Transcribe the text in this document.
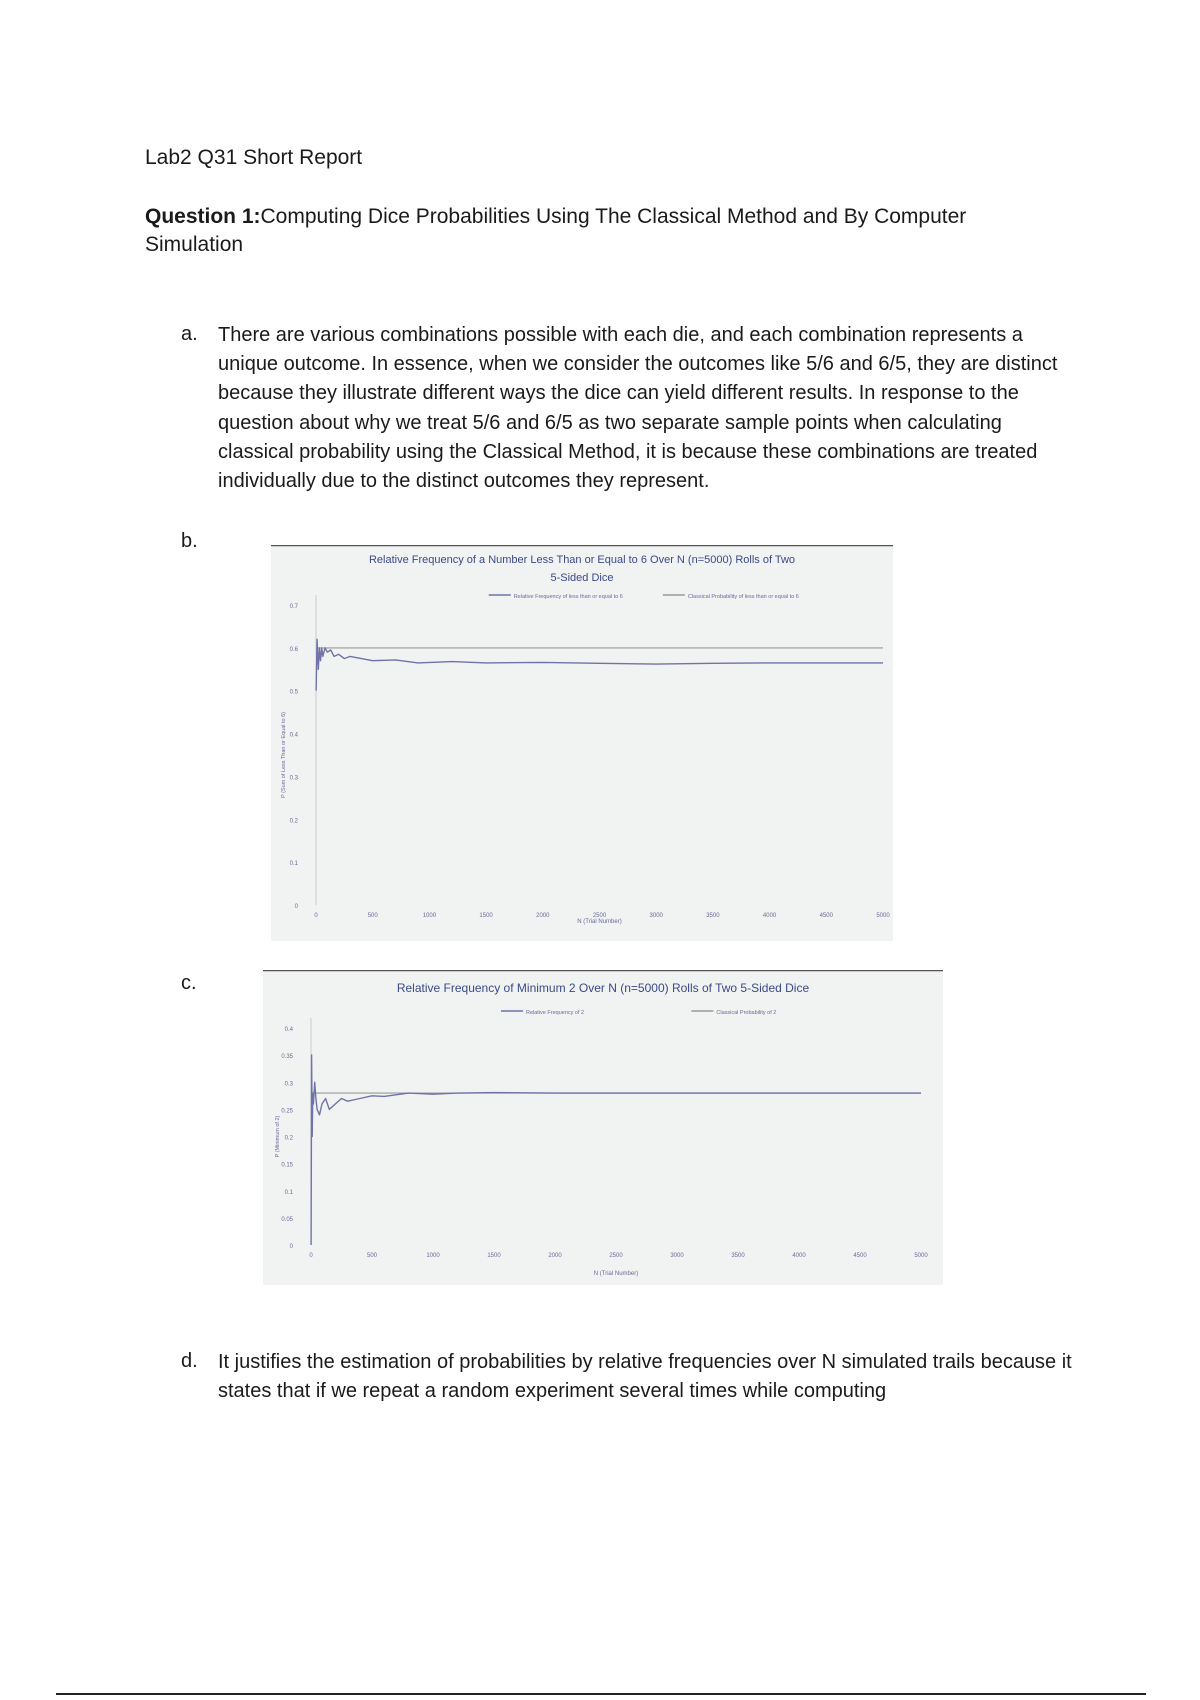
Lab2 Q31 Short Report
Question 1:Computing Dice Probabilities Using The Classical Method and By Computer Simulation
a. There are various combinations possible with each die, and each combination represents a unique outcome. In essence, when we consider the outcomes like 5/6 and 6/5, they are distinct because they illustrate different ways the dice can yield different results. In response to the question about why we treat 5/6 and 6/5 as two separate sample points when calculating classical probability using the Classical Method, it is because these combinations are treated individually due to the distinct outcomes they represent.
b.
Relative Frequency of a Number Less Than or Equal to 6 Over N (n=5000) Rolls of Two
5-Sided Dice
Relative Frequency of less than or equal to 6	Classical Probability of less than or equal to 6
0
0.1
0.2
0.3
0.4
0.5
0.6
0.7
0	500	1000	1500	2000	2500	3000	3500	4000	4500	5000
N (Trial Number)
P (Sum of Less Than or Equal to 6)
c.	Relative Frequency of Minimum 2 Over N (n=5000) Rolls of Two 5-Sided Dice
Relative Frequency of 2	Classical Probability of 2
0
0.05
0.1
0.15
0.2
0.25
0.3
0.35
0.4
0	500	1000	1500	2000	2500	3000	3500	4000	4500	5000
N (Trial Number)
P (Minimum of 2)
d. It justifies the estimation of probabilities by relative frequencies over N simulated trails because it states that if we repeat a random experiment several times while computing
